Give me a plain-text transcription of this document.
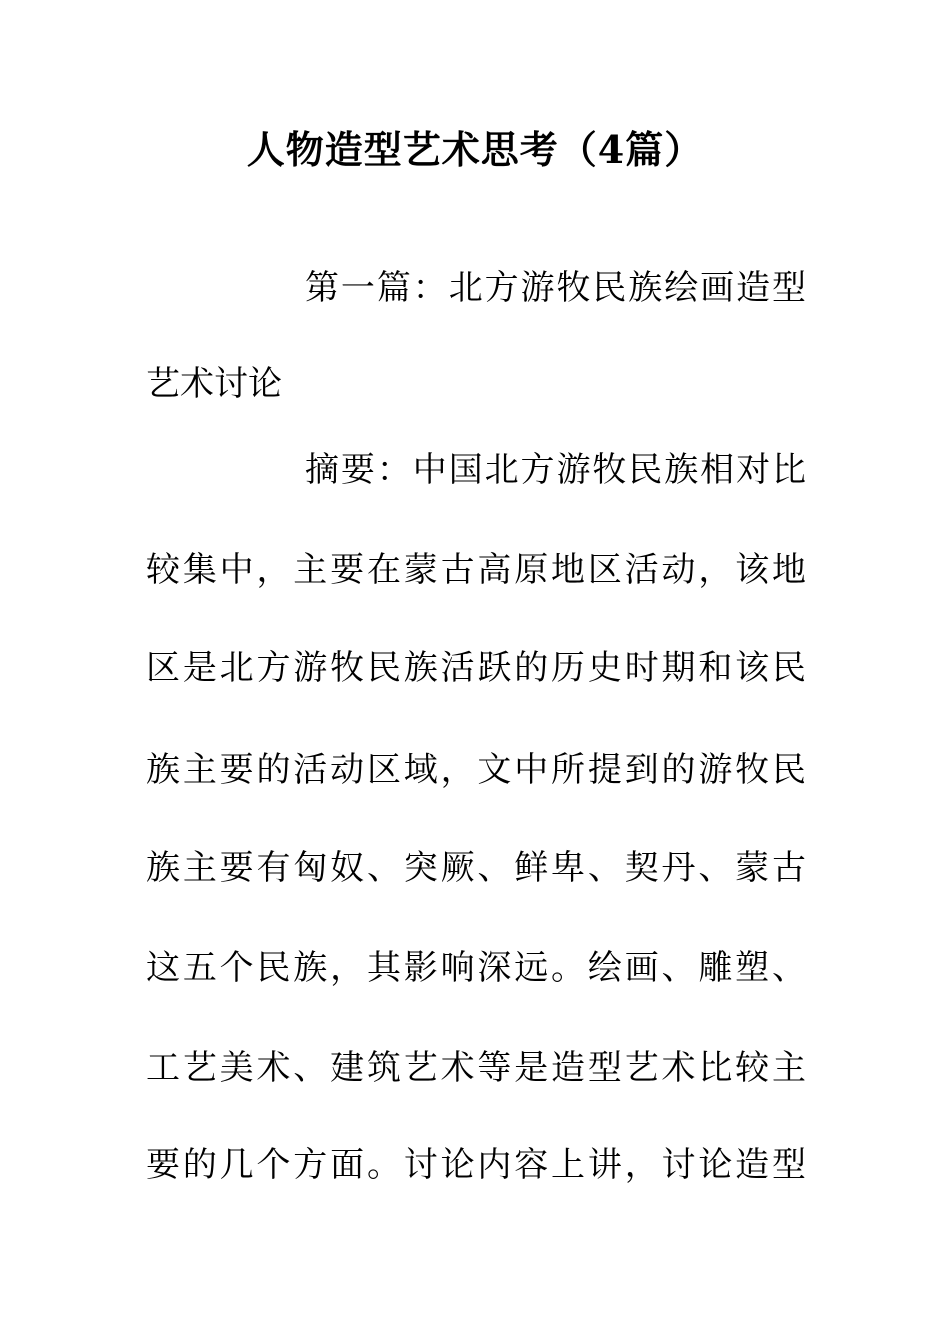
人物造型艺术思考（4篇）
第一篇：北方游牧民族绘画造型
艺术讨论
摘要：中国北方游牧民族相对比
较集中，主要在蒙古高原地区活动，该地
区是北方游牧民族活跃的历史时期和该民
族主要的活动区域，文中所提到的游牧民
族主要有匈奴、突厥、鲜卑、契丹、蒙古
这五个民族，其影响深远。绘画、雕塑、
工艺美术、建筑艺术等是造型艺术比较主
要的几个方面。讨论内容上讲，讨论造型
